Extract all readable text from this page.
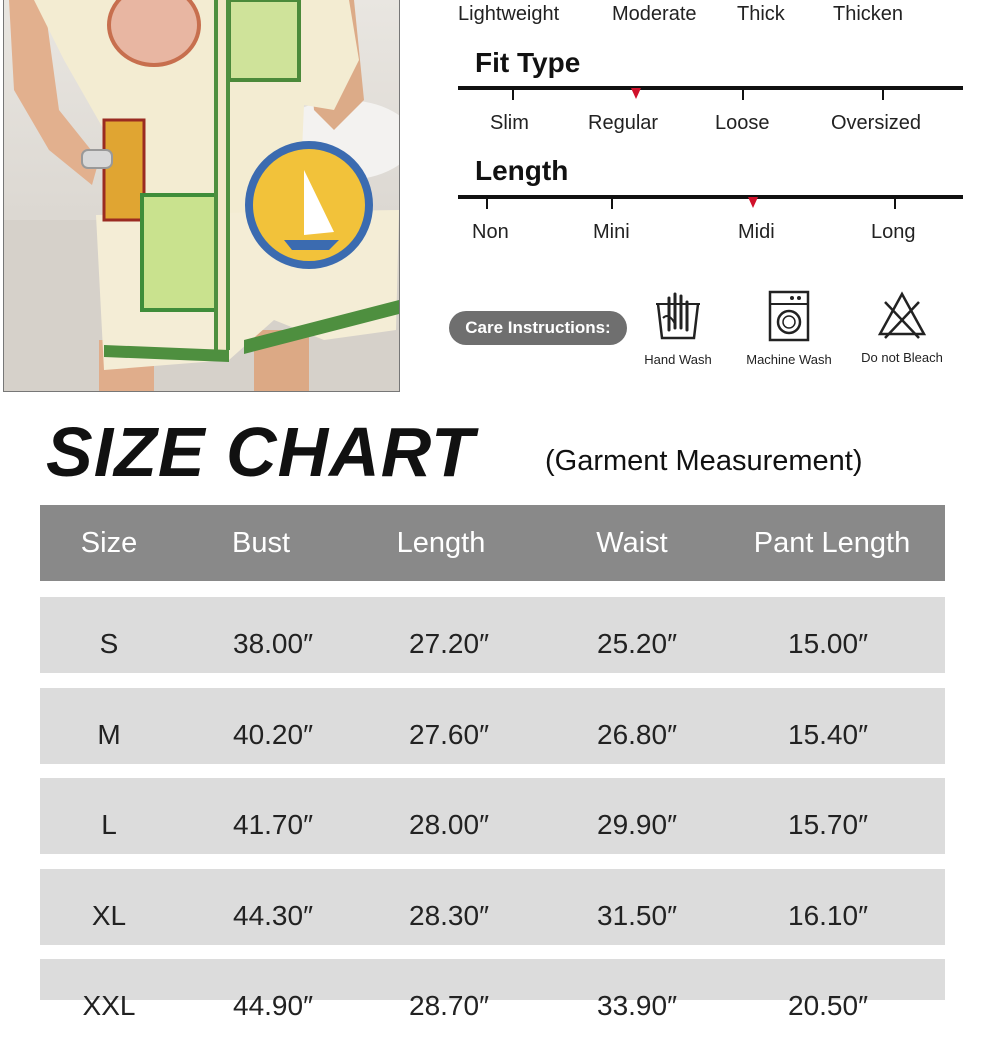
Lightweight	Moderate Thick Thicken
Fit Type
Slim	Regular	Loose	Oversized
Length
Non	Mini	Midi	Long
Care Instructions:
Hand Wash	Machine Wash	Do not Bleach
SIZE CHART (Garment Measurement)
Size	Bust	Length	Waist	Pant Length
S	38.00″	27.20″	25.20″	15.00″
M	40.20″	27.60″	26.80″	15.40″
L	41.70″	28.00″	29.90″	15.70″
XL	44.30″	28.30″	31.50″	16.10″
XXL	44.90″	28.70″	33.90″	20.50″
